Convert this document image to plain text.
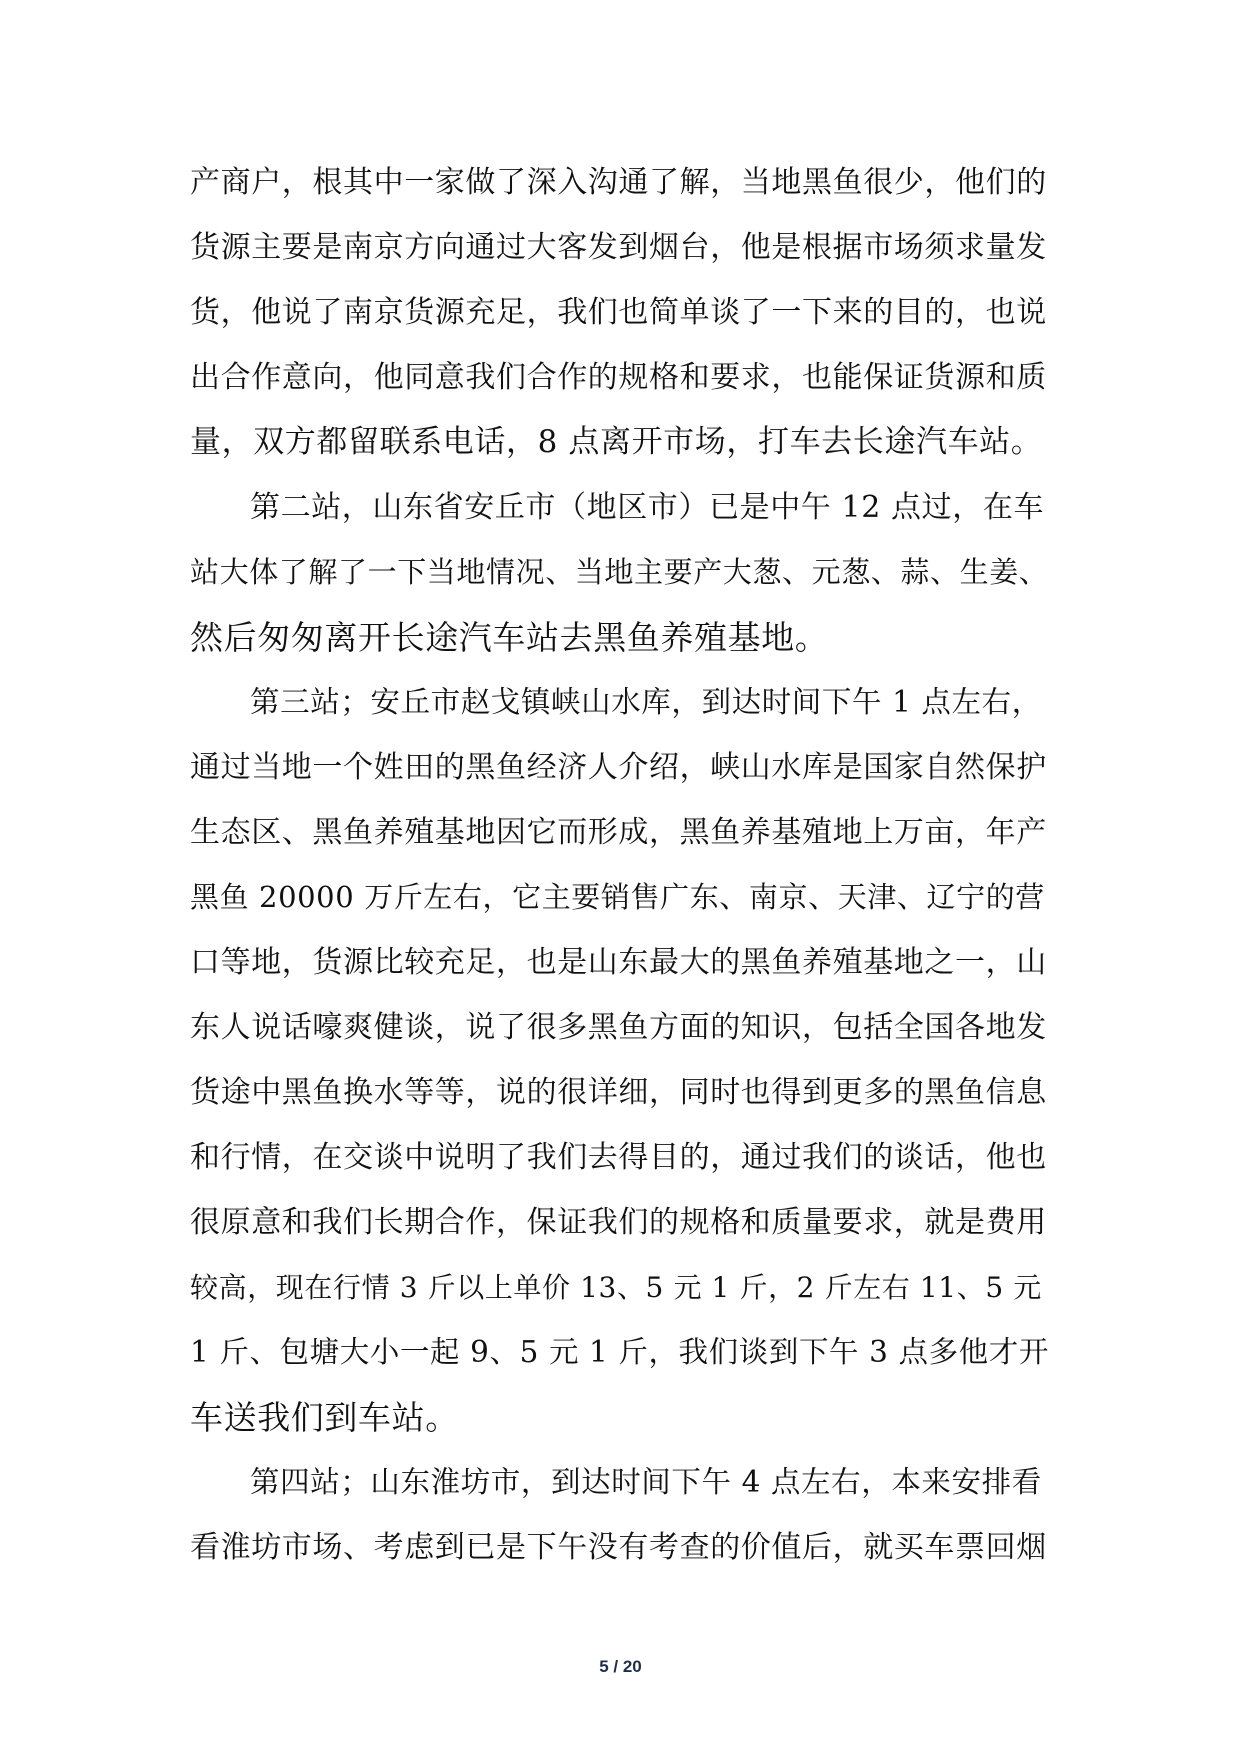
产商户，根其中一家做了深入沟通了解，当地黑鱼很少，他们的
货源主要是南京方向通过大客发到烟台，他是根据市场须求量发
货，他说了南京货源充足，我们也简单谈了一下来的目的，也说
出合作意向，他同意我们合作的规格和要求，也能保证货源和质
量，双方都留联系电话，8 点离开市场，打车去长途汽车站。
第二站，山东省安丘市（地区市）已是中午 12 点过，在车
站大体了解了一下当地情况、当地主要产大葱、元葱、蒜、生姜、
然后匆匆离开长途汽车站去黑鱼养殖基地。
第三站；安丘市赵戈镇峡山水库，到达时间下午 1 点左右，
通过当地一个姓田的黑鱼经济人介绍，峡山水库是国家自然保护
生态区、黑鱼养殖基地因它而形成，黑鱼养基殖地上万亩，年产
黑鱼 20000 万斤左右，它主要销售广东、南京、天津、辽宁的营
口等地，货源比较充足，也是山东最大的黑鱼养殖基地之一，山
东人说话嚎爽健谈，说了很多黑鱼方面的知识，包括全国各地发
货途中黑鱼换水等等，说的很详细，同时也得到更多的黑鱼信息
和行情，在交谈中说明了我们去得目的，通过我们的谈话，他也
很原意和我们长期合作，保证我们的规格和质量要求，就是费用
较高，现在行情 3 斤以上单价 13、5 元 1 斤，2 斤左右 11、5 元
1 斤、包塘大小一起 9、5 元 1 斤，我们谈到下午 3 点多他才开
车送我们到车站。
第四站；山东淮坊市，到达时间下午 4 点左右，本来安排看
看淮坊市场、考虑到已是下午没有考查的价值后，就买车票回烟
5 / 20
